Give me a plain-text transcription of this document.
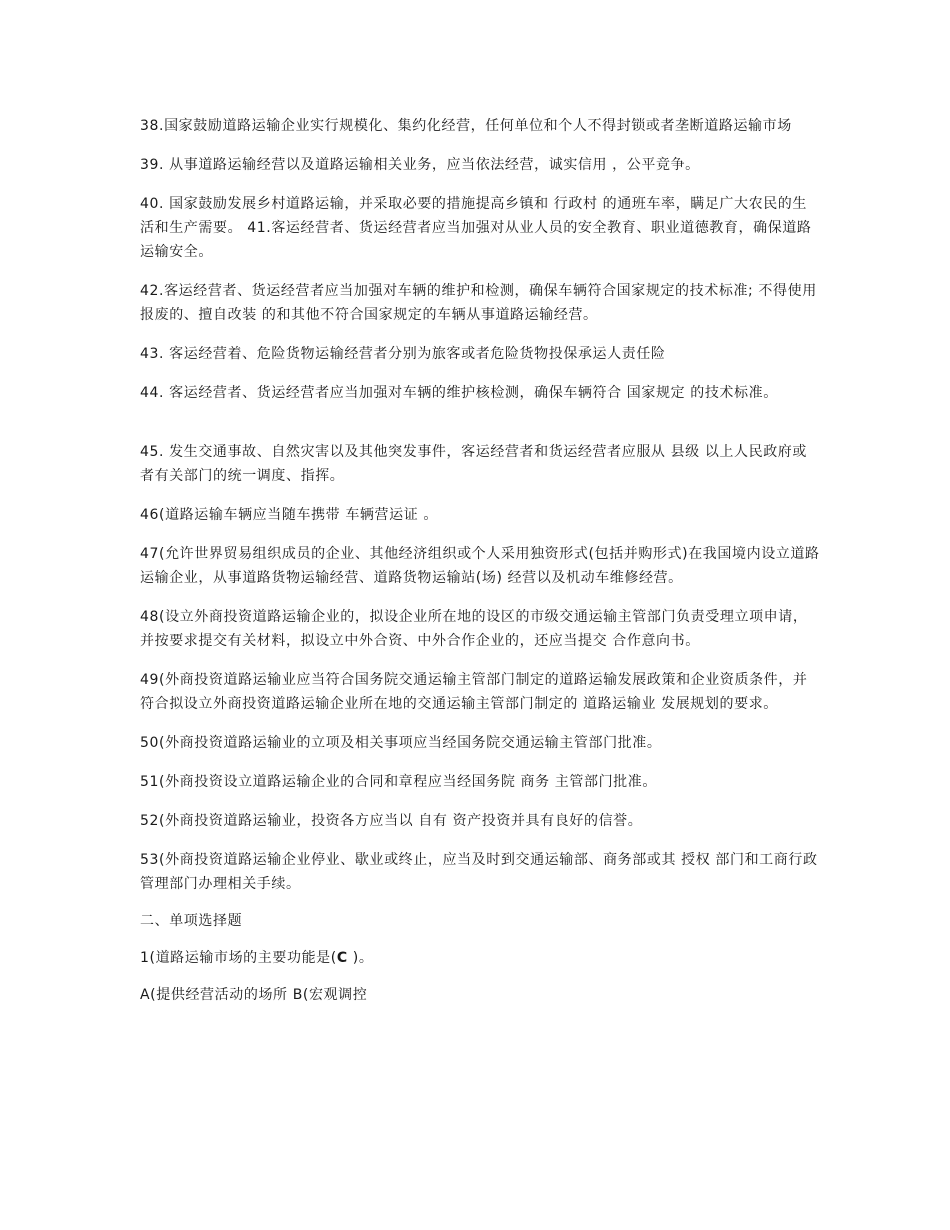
38.国家鼓励道路运输企业实行规模化、集约化经营，任何单位和个人不得封锁或者垄断道路运输市场

39. 从事道路运输经营以及道路运输相关业务，应当依法经营，诚实信用 ，公平竞争。

40. 国家鼓励发展乡村道路运输，并采取必要的措施提高乡镇和 行政村 的通班车率，瞒足广大农民的生活和生产需要。 41.客运经营者、货运经营者应当加强对从业人员的安全教育、职业道德教育，确保道路运输安全。

42.客运经营者、货运经营者应当加强对车辆的维护和检测，确保车辆符合国家规定的技术标准; 不得使用报废的、擅自改装 的和其他不符合国家规定的车辆从事道路运输经营。

43. 客运经营着、危险货物运输经营者分别为旅客或者危险货物投保承运人责任险

44. 客运经营者、货运经营者应当加强对车辆的维护核检测，确保车辆符合 国家规定 的技术标准。

45. 发生交通事故、自然灾害以及其他突发事件，客运经营者和货运经营者应服从 县级 以上人民政府或者有关部门的统一调度、指挥。

46(道路运输车辆应当随车携带 车辆营运证 。

47(允许世界贸易组织成员的企业、其他经济组织或个人采用独资形式(包括并购形式)在我国境内设立道路运输企业，从事道路货物运输经营、道路货物运输站(场) 经营以及机动车维修经营。

48(设立外商投资道路运输企业的，拟设企业所在地的设区的市级交通运输主管部门负责受理立项申请，并按要求提交有关材料，拟设立中外合资、中外合作企业的，还应当提交 合作意向书。

49(外商投资道路运输业应当符合国务院交通运输主管部门制定的道路运输发展政策和企业资质条件，并符合拟设立外商投资道路运输企业所在地的交通运输主管部门制定的 道路运输业 发展规划的要求。

50(外商投资道路运输业的立项及相关事项应当经国务院交通运输主管部门批准。

51(外商投资设立道路运输企业的合同和章程应当经国务院 商务 主管部门批准。

52(外商投资道路运输业，投资各方应当以 自有 资产投资并具有良好的信誉。

53(外商投资道路运输企业停业、歇业或终止，应当及时到交通运输部、商务部或其 授权 部门和工商行政管理部门办理相关手续。

二、单项选择题

1(道路运输市场的主要功能是(C )。

A(提供经营活动的场所 B(宏观调控
